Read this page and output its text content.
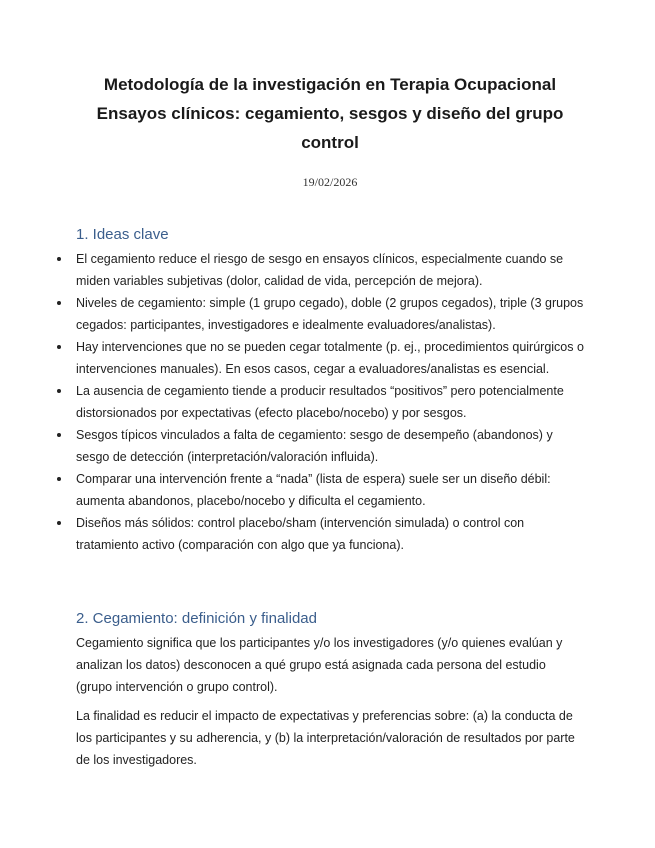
Metodología de la investigación en Terapia Ocupacional

Ensayos clínicos: cegamiento, sesgos y diseño del grupo

control

19/02/2026
1. Ideas clave
El cegamiento reduce el riesgo de sesgo en ensayos clínicos, especialmente cuando se miden variables subjetivas (dolor, calidad de vida, percepción de mejora).
Niveles de cegamiento: simple (1 grupo cegado), doble (2 grupos cegados), triple (3 grupos cegados: participantes, investigadores e idealmente evaluadores/analistas).
Hay intervenciones que no se pueden cegar totalmente (p. ej., procedimientos quirúrgicos o intervenciones manuales). En esos casos, cegar a evaluadores/analistas es esencial.
La ausencia de cegamiento tiende a producir resultados “positivos” pero potencialmente distorsionados por expectativas (efecto placebo/nocebo) y por sesgos.
Sesgos típicos vinculados a falta de cegamiento: sesgo de desempeño (abandonos) y sesgo de detección (interpretación/valoración influida).
Comparar una intervención frente a “nada” (lista de espera) suele ser un diseño débil: aumenta abandonos, placebo/nocebo y dificulta el cegamiento.
Diseños más sólidos: control placebo/sham (intervención simulada) o control con tratamiento activo (comparación con algo que ya funciona).
2. Cegamiento: definición y finalidad

Cegamiento significa que los participantes y/o los investigadores (y/o quienes evalúan y analizan los datos) desconocen a qué grupo está asignada cada persona del estudio (grupo intervención o grupo control).

La finalidad es reducir el impacto de expectativas y preferencias sobre: (a) la conducta de los participantes y su adherencia, y (b) la interpretación/valoración de resultados por parte de los investigadores.
